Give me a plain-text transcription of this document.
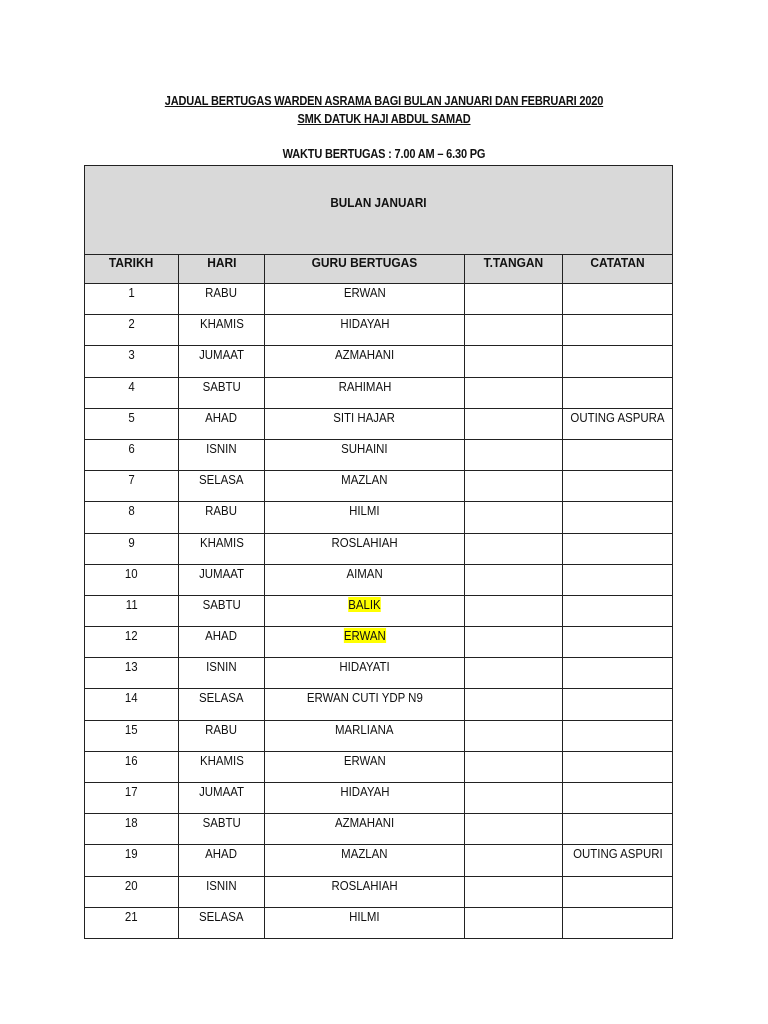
JADUAL BERTUGAS WARDEN ASRAMA BAGI BULAN JANUARI DAN FEBRUARI 2020
SMK DATUK HAJI ABDUL SAMAD
WAKTU BERTUGAS : 7.00 AM – 6.30 PG
BULAN JANUARI				
TARIKH	HARI	GURU BERTUGAS	T.TANGAN	CATATAN
1	RABU	ERWAN		
2	KHAMIS	HIDAYAH		
3	JUMAAT	AZMAHANI		
4	SABTU	RAHIMAH		
5	AHAD	SITI HAJAR		OUTING ASPURA
6	ISNIN	SUHAINI		
7	SELASA	MAZLAN		
8	RABU	HILMI		
9	KHAMIS	ROSLAHIAH		
10	JUMAAT	AIMAN		
11	SABTU	BALIK		
12	AHAD	ERWAN		
13	ISNIN	HIDAYATI		
14	SELASA	ERWAN CUTI YDP N9		
15	RABU	MARLIANA		
16	KHAMIS	ERWAN		
17	JUMAAT	HIDAYAH		
18	SABTU	AZMAHANI		
19	AHAD	MAZLAN		OUTING ASPURI
20	ISNIN	ROSLAHIAH		
21	SELASA	HILMI		
